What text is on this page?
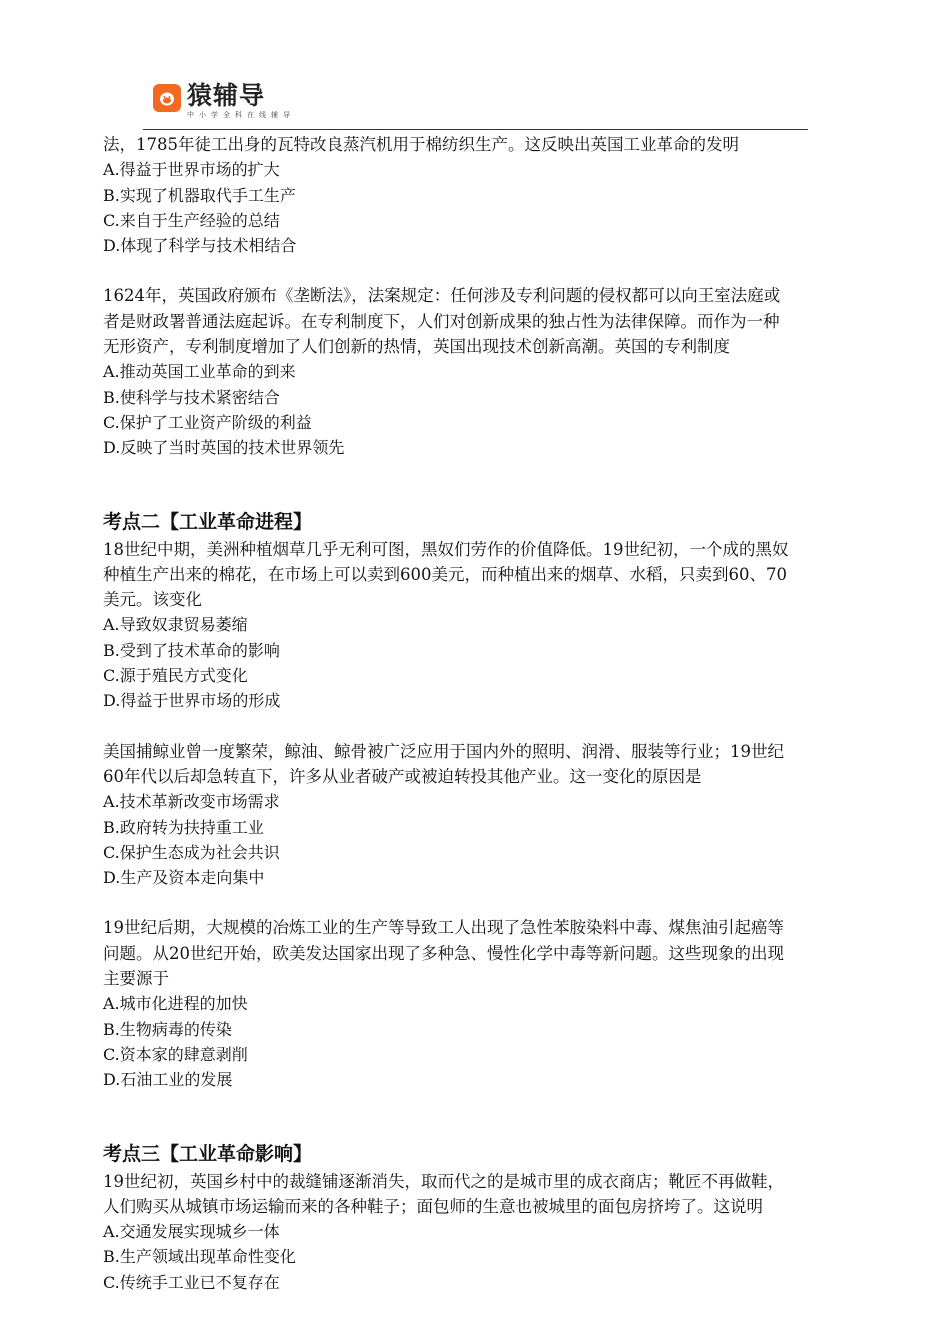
猿辅导
中小学全科在线辅导

法，1785年徒工出身的瓦特改良蒸汽机用于棉纺织生产。这反映出英国工业革命的发明

A.得益于世界市场的扩大

B.实现了机器取代手工生产

C.来自于生产经验的总结

D.体现了科学与技术相结合

1624年，英国政府颁布《垄断法》，法案规定：任何涉及专利问题的侵权都可以向王室法庭或

者是财政署普通法庭起诉。在专利制度下，人们对创新成果的独占性为法律保障。而作为一种

无形资产，专利制度增加了人们创新的热情，英国出现技术创新高潮。英国的专利制度

A.推动英国工业革命的到来

B.使科学与技术紧密结合

C.保护了工业资产阶级的利益

D.反映了当时英国的技术世界领先

考点二【工业革命进程】

18世纪中期，美洲种植烟草几乎无利可图，黑奴们劳作的价值降低。19世纪初，一个成的黑奴

种植生产出来的棉花，在市场上可以卖到600美元，而种植出来的烟草、水稻，只卖到60、70

美元。该变化

A.导致奴隶贸易萎缩

B.受到了技术革命的影响

C.源于殖民方式变化

D.得益于世界市场的形成

美国捕鲸业曾一度繁荣，鲸油、鲸骨被广泛应用于国内外的照明、润滑、服装等行业；19世纪

60年代以后却急转直下，许多从业者破产或被迫转投其他产业。这一变化的原因是

A.技术革新改变市场需求

B.政府转为扶持重工业

C.保护生态成为社会共识

D.生产及资本走向集中

19世纪后期，大规模的冶炼工业的生产等导致工人出现了急性苯胺染料中毒、煤焦油引起癌等

问题。从20世纪开始，欧美发达国家出现了多种急、慢性化学中毒等新问题。这些现象的出现

主要源于

A.城市化进程的加快

B.生物病毒的传染

C.资本家的肆意剥削

D.石油工业的发展

考点三【工业革命影响】

19世纪初，英国乡村中的裁缝铺逐渐消失，取而代之的是城市里的成衣商店；靴匠不再做鞋，

人们购买从城镇市场运输而来的各种鞋子；面包师的生意也被城里的面包房挤垮了。这说明

A.交通发展实现城乡一体

B.生产领域出现革命性变化

C.传统手工业已不复存在
